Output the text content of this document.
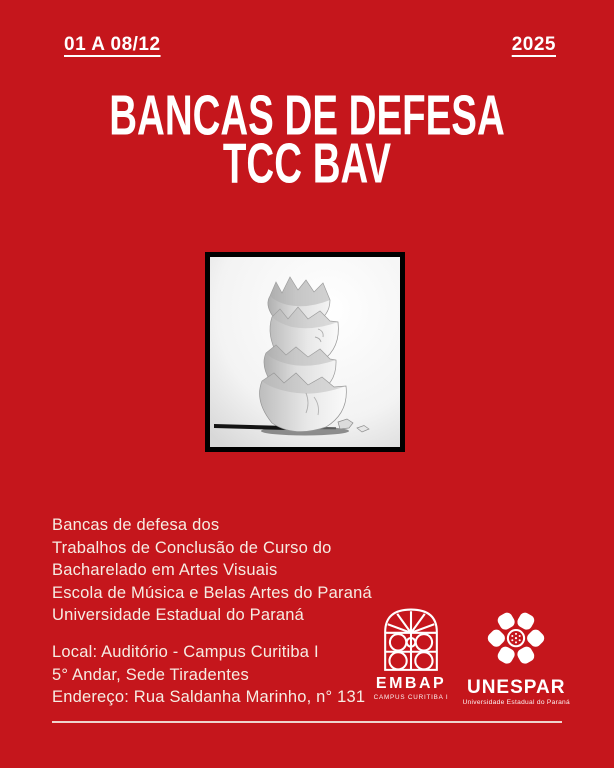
01 A 08/12	2025
BANCAS DE DEFESA
TCC BAV
Bancas de defesa dos
Trabalhos de Conclusão de Curso do
Bacharelado em Artes Visuais
Escola de Música e Belas Artes do Paraná
Universidade Estadual do Paraná
Local: Auditório - Campus Curitiba I
5° Andar, Sede Tiradentes
Endereço: Rua Saldanha Marinho, n° 131
EMBAP
CAMPUS CURITIBA I UNESPAR
Universidade Estadual do Paraná
